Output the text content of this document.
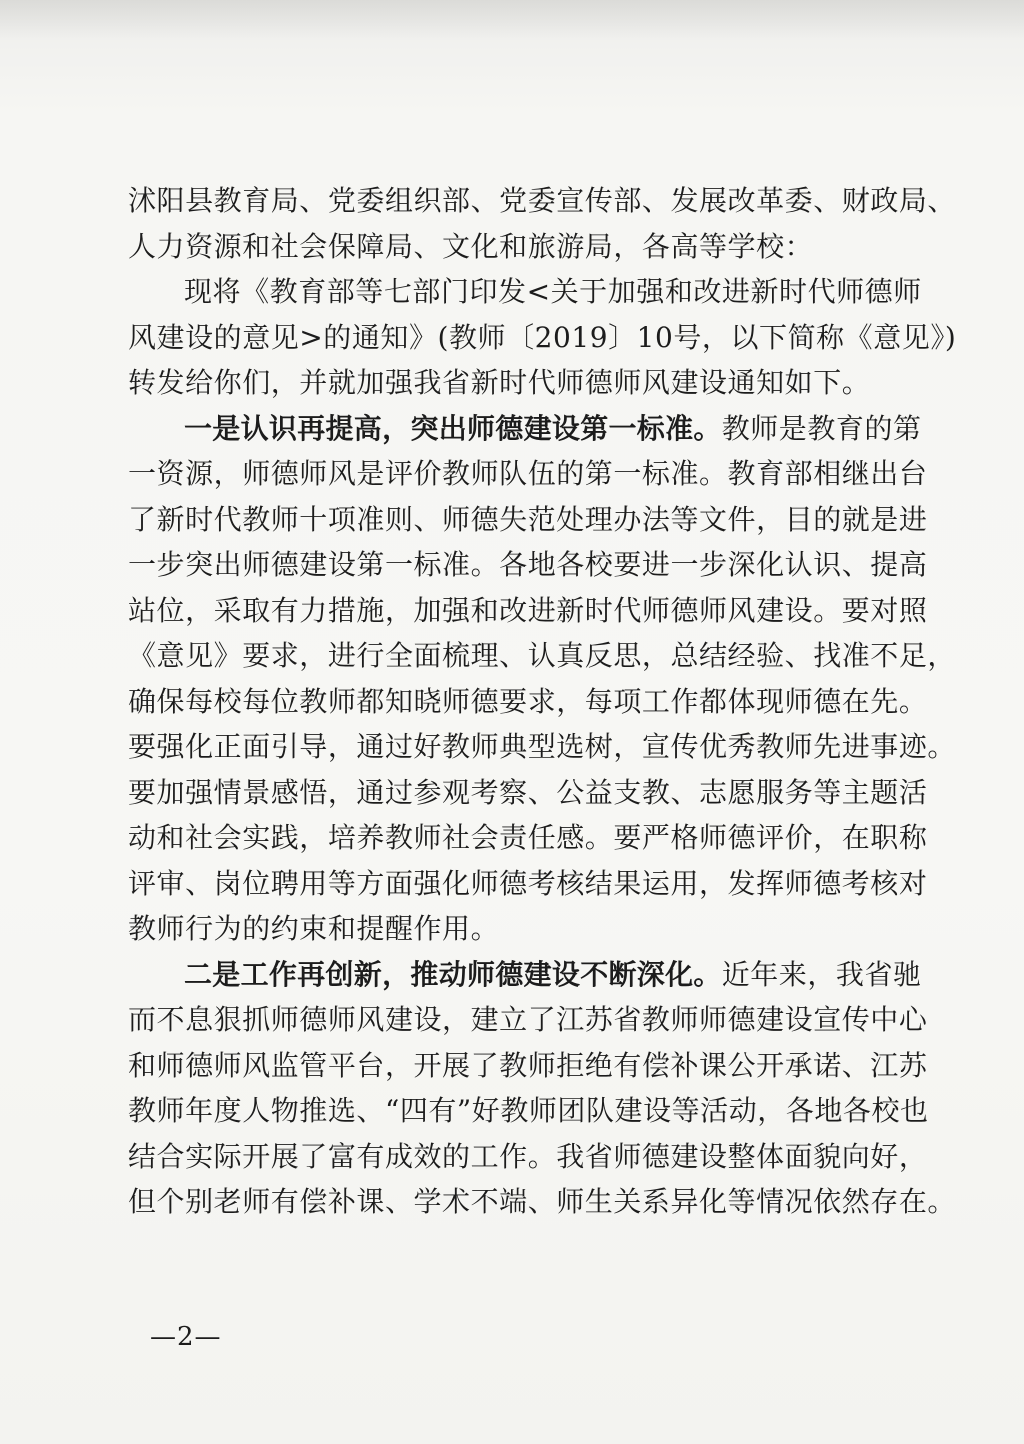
沭阳县教育局、党委组织部、党委宣传部、发展改革委、财政局、
人力资源和社会保障局、文化和旅游局，各高等学校：
现将《教育部等七部门印发<关于加强和改进新时代师德师
风建设的意见>的通知》(教师〔2019〕10号，以下简称《意见》)
转发给你们，并就加强我省新时代师德师风建设通知如下。
一是认识再提高，突出师德建设第一标准。教师是教育的第
一资源，师德师风是评价教师队伍的第一标准。教育部相继出台
了新时代教师十项准则、师德失范处理办法等文件，目的就是进
一步突出师德建设第一标准。各地各校要进一步深化认识、提高
站位，采取有力措施，加强和改进新时代师德师风建设。要对照
《意见》要求，进行全面梳理、认真反思，总结经验、找准不足，
确保每校每位教师都知晓师德要求，每项工作都体现师德在先。
要强化正面引导，通过好教师典型选树，宣传优秀教师先进事迹。
要加强情景感悟，通过参观考察、公益支教、志愿服务等主题活
动和社会实践，培养教师社会责任感。要严格师德评价，在职称
评审、岗位聘用等方面强化师德考核结果运用，发挥师德考核对
教师行为的约束和提醒作用。
二是工作再创新，推动师德建设不断深化。近年来，我省驰
而不息狠抓师德师风建设，建立了江苏省教师师德建设宣传中心
和师德师风监管平台，开展了教师拒绝有偿补课公开承诺、江苏
教师年度人物推选、“四有”好教师团队建设等活动，各地各校也
结合实际开展了富有成效的工作。我省师德建设整体面貌向好，
但个别老师有偿补课、学术不端、师生关系异化等情况依然存在。
—2—
